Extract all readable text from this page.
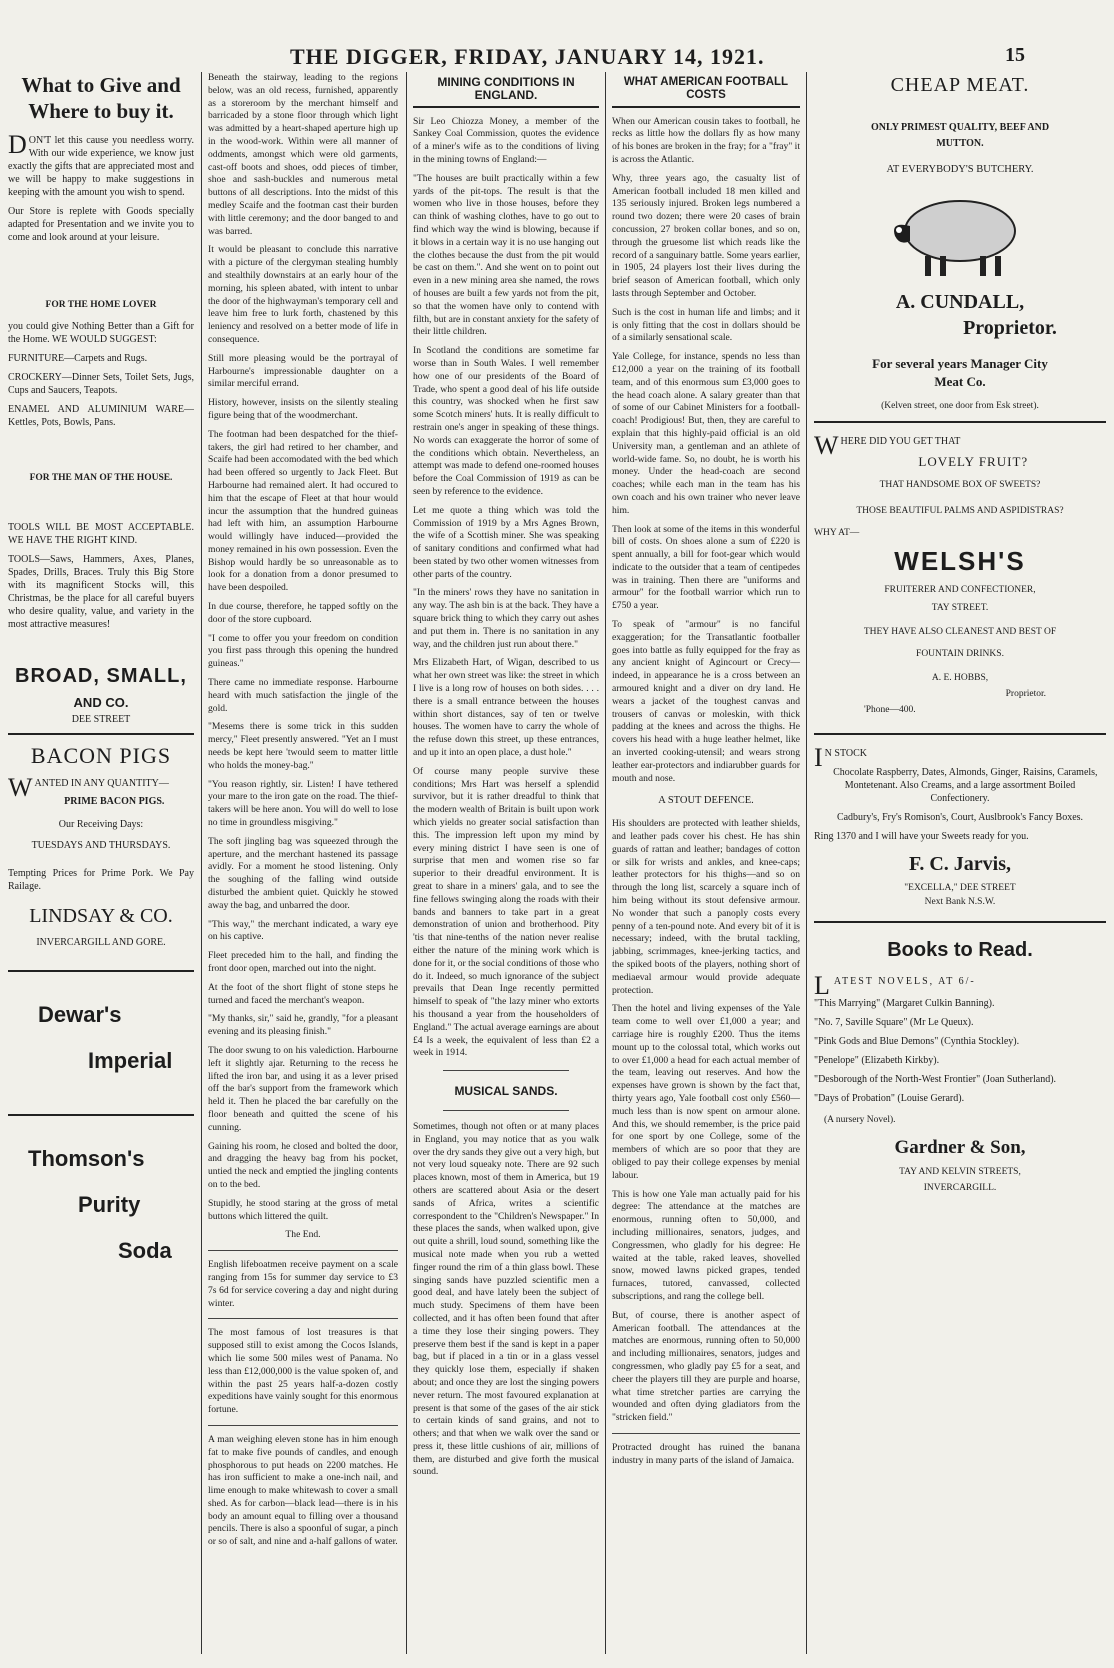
THE DIGGER, FRIDAY, JANUARY 14, 1921.	15
What to Give and
Where to buy it.

DON'T let this cause you needless worry. With our wide experience, we know just exactly the gifts that are appreciated most and we will be happy to make suggestions in keeping with the amount you wish to spend.

Our Store is replete with Goods specially adapted for Presentation and we invite you to come and look around at your leisure.

FOR THE HOME LOVER

you could give Nothing Better than a Gift for the Home. WE WOULD SUGGEST:

FURNITURE—Carpets and Rugs.

CROCKERY—Dinner Sets, Toilet Sets, Jugs, Cups and Saucers, Teapots.

ENAMEL AND ALUMINIUM WARE—Kettles, Pots, Bowls, Pans.

FOR THE MAN OF THE HOUSE.

TOOLS WILL BE MOST ACCEPTABLE. WE HAVE THE RIGHT KIND.

TOOLS—Saws, Hammers, Axes, Planes, Spades, Drills, Braces. Truly this Big Store with its magnificent Stocks will, this Christmas, be the place for all careful buyers who desire quality, value, and variety in the most attractive measures!

BROAD, SMALL,
AND CO.
DEE STREET
BACON PIGS

WANTED IN ANY QUANTITY—

PRIME BACON PIGS.
Our Receiving Days:
TUESDAYS AND THURSDAYS.

Tempting Prices for Prime Pork. We Pay Railage.

LINDSAY & CO.
INVERCARGILL AND GORE.
Dewar's
Imperial
Thomson's
Purity
Soda

Beneath the stairway, leading to the regions below, was an old recess, furnished, apparently as a storeroom by the merchant himself and barricaded by a stone floor through which light was admitted by a heart-shaped aperture high up in the wood-work. Within were all manner of oddments, amongst which were old garments, cast-off boots and shoes, odd pieces of timber, shoe and sash-buckles and numerous metal buttons of all descriptions. Into the midst of this medley Scaife and the footman cast their burden with little ceremony; and the door banged to and was barred.

It would be pleasant to conclude this narrative with a picture of the clergyman stealing humbly and stealthily downstairs at an early hour of the morning, his spleen abated, with intent to unbar the door of the highwayman's temporary cell and leave him free to lurk forth, chastened by this leniency and resolved on a better mode of life in consequence.

Still more pleasing would be the portrayal of Harbourne's impressionable daughter on a similar merciful errand.

History, however, insists on the silently stealing figure being that of the woodmerchant.

The footman had been despatched for the thief-takers, the girl had retired to her chamber, and Scaife had been accomodated with the bed which had been offered so urgently to Jack Fleet. But Harbourne had remained alert. It had occured to him that the escape of Fleet at that hour would incur the assumption that the hundred guineas had left with him, an assumption Harbourne would willingly have induced—provided the money remained in his own possession. Even the Bishop would hardly be so unreasonable as to look for a donation from a donor presumed to have been despoiled.

In due course, therefore, he tapped softly on the door of the store cupboard.

"I come to offer you your freedom on condition you first pass through this opening the hundred guineas."

There came no immediate response. Harbourne heard with much satisfaction the jingle of the gold.

"Mesems there is some trick in this sudden mercy," Fleet presently answered. "Yet an I must needs be kept here 'twould seem to matter little who holds the money-bag."

"You reason rightly, sir. Listen! I have tethered your mare to the iron gate on the road. The thief-takers will be here anon. You will do well to lose no time in groundless misgiving."

The soft jingling bag was squeezed through the aperture, and the merchant hastened its passage avidly. For a moment he stood listening. Only the soughing of the falling wind outside disturbed the ambient quiet. Quickly he stowed away the bag, and unbarred the door.

"This way," the merchant indicated, a wary eye on his captive.

Fleet preceded him to the hall, and finding the front door open, marched out into the night.

At the foot of the short flight of stone steps he turned and faced the merchant's weapon.

"My thanks, sir," said he, grandly, "for a pleasant evening and its pleasing finish."

The door swung to on his valediction. Harbourne left it slightly ajar. Returning to the recess he lifted the iron bar, and using it as a lever prised off the bar's support from the framework which held it. Then he placed the bar carefully on the floor beneath and quitted the scene of his cunning.

Gaining his room, he closed and bolted the door, and dragging the heavy bag from his pocket, untied the neck and emptied the jingling contents on to the bed.

Stupidly, he stood staring at the gross of metal buttons which littered the quilt.

The End.

English lifeboatmen receive payment on a scale ranging from 15s for summer day service to £3 7s 6d for service covering a day and night during winter.

The most famous of lost treasures is that supposed still to exist among the Cocos Islands, which lie some 500 miles west of Panama. No less than £12,000,000 is the value spoken of, and within the past 25 years half-a-dozen costly expeditions have vainly sought for this enormous fortune.

A man weighing eleven stone has in him enough fat to make five pounds of candles, and enough phosphorous to put heads on 2200 matches. He has iron sufficient to make a one-inch nail, and lime enough to make whitewash to cover a small shed. As for carbon—black lead—there is in his body an amount equal to filling over a thousand pencils. There is also a spoonful of sugar, a pinch or so of salt, and nine and a-half gallons of water.

MINING CONDITIONS IN ENGLAND.

Sir Leo Chiozza Money, a member of the Sankey Coal Commission, quotes the evidence of a miner's wife as to the conditions of living in the mining towns of England:—

"The houses are built practically within a few yards of the pit-tops. The result is that the women who live in those houses, before they can think of washing clothes, have to go out to find which way the wind is blowing, because if it blows in a certain way it is no use hanging out the clothes because the dust from the pit would be cast on them.". And she went on to point out even in a new mining area she named, the rows of houses are built a few yards not from the pit, so that the women have only to contend with filth, but are in constant anxiety for the safety of their little children.

In Scotland the conditions are sometime far worse than in South Wales. I well remember how one of our presidents of the Board of Trade, who spent a good deal of his life outside this country, was shocked when he first saw some Scotch miners' huts. It is really difficult to restrain one's anger in speaking of these things. No words can exaggerate the horror of some of the conditions which obtain. Nevertheless, an attempt was made to defend one-roomed houses before the Coal Commission of 1919 as can be seen by reference to the evidence.

Let me quote a thing which was told the Commission of 1919 by a Mrs Agnes Brown, the wife of a Scottish miner. She was speaking of sanitary conditions and confirmed what had been stated by two other women witnesses from other parts of the country.

"In the miners' rows they have no sanitation in any way. The ash bin is at the back. They have a square brick thing to which they carry out ashes and put them in. There is no sanitation in any way, and the children just run about there."

Mrs Elizabeth Hart, of Wigan, described to us what her own street was like: the street in which I live is a long row of houses on both sides. . . . there is a small entrance between the houses within short distances, say of ten or twelve houses. The women have to carry the whole of the refuse down this street, up these entrances, and up it into an open place, a dust hole."

Of course many people survive these conditions; Mrs Hart was herself a splendid survivor, but it is rather dreadful to think that the modern wealth of Britain is built upon work which yields no greater social satisfaction than this. The impression left upon my mind by every mining district I have seen is one of surprise that men and women rise so far superior to their dreadful environment. It is great to share in a miners' gala, and to see the fine fellows swinging along the roads with their bands and banners to take part in a great demonstration of union and brotherhood. Pity 'tis that nine-tenths of the nation never realise either the nature of the mining work which is done for it, or the social conditions of those who do it. Indeed, so much ignorance of the subject prevails that Dean Inge recently permitted himself to speak of "the lazy miner who extorts his thousand a year from the householders of England." The actual average earnings are about £4 Is a week, the equivalent of less than £2 a week in 1914.

MUSICAL SANDS.

Sometimes, though not often or at many places in England, you may notice that as you walk over the dry sands they give out a very high, but not very loud squeaky note. There are 92 such places known, most of them in America, but 19 others are scattered about Asia or the desert sands of Africa, writes a scientific correspondent to the "Children's Newspaper." In these places the sands, when walked upon, give out quite a shrill, loud sound, something like the musical note made when you rub a wetted finger round the rim of a thin glass bowl. These singing sands have puzzled scientific men a good deal, and have lately been the subject of much study. Specimens of them have been collected, and it has often been found that after a time they lose their singing powers. They preserve them best if the sand is kept in a paper bag, but if placed in a tin or in a glass vessel they quickly lose them, especially if shaken about; and once they are lost the singing powers never return. The most favoured explanation at present is that some of the gases of the air stick to certain kinds of sand grains, and not to others; and that when we walk over the sand or press it, these little cushions of air, millions of them, are disturbed and give forth the musical sound.

WHAT AMERICAN FOOTBALL COSTS

When our American cousin takes to football, he recks as little how the dollars fly as how many of his bones are broken in the fray; for a "fray" it is across the Atlantic.

Why, three years ago, the casualty list of American football included 18 men killed and 135 seriously injured. Broken legs numbered a round two dozen; there were 20 cases of brain concussion, 27 broken collar bones, and so on, through the gruesome list which reads like the record of a sanguinary battle. Some years earlier, in 1905, 24 players lost their lives during the brief season of American football, which only lasts through September and October.

Such is the cost in human life and limbs; and it is only fitting that the cost in dollars should be of a similarly sensational scale.

Yale College, for instance, spends no less than £12,000 a year on the training of its football team, and of this enormous sum £3,000 goes to the head coach alone. A salary greater than that of some of our Cabinet Ministers for a football-coach! Prodigious! But, then, they are careful to explain that this highly-paid official is an old University man, a gentleman and an athlete of world-wide fame. So, no doubt, he is worth his money. Under the head-coach are second coaches; while each man in the team has his own coach and his own trainer who never leave him.

Then look at some of the items in this wonderful bill of costs. On shoes alone a sum of £220 is spent annually, a bill for foot-gear which would indicate to the outsider that a team of centipedes was in training. Then there are "uniforms and armour" for the football warrior which run to £750 a year.

To speak of "armour" is no fanciful exaggeration; for the Transatlantic footballer goes into battle as fully equipped for the fray as any ancient knight of Agincourt or Crecy—indeed, in appearance he is a cross between an armoured knight and a diver on dry land. He wears a jacket of the toughest canvas and trousers of canvas or moleskin, with thick padding at the knees and across the thighs. He covers his head with a huge leather helmet, like an inverted cooking-utensil; and wears strong leather ear-protectors and indiarubber guards for mouth and nose.

A STOUT DEFENCE.

His shoulders are protected with leather shields, and leather pads cover his chest. He has shin guards of rattan and leather; bandages of cotton or silk for wrists and ankles, and knee-caps; leather protectors for his thighs—and so on through the long list, scarcely a square inch of him being without its stout defensive armour. No wonder that such a panoply costs every penny of a ten-pound note. And every bit of it is necessary; indeed, with the brutal tackling, jabbing, scrimmages, knee-jerking tactics, and the spiked boots of the players, nothing short of mediaeval armour would provide adequate protection.

Then the hotel and living expenses of the Yale team come to well over £1,000 a year; and carriage hire is roughly £200. Thus the items mount up to the colossal total, which works out to over £1,000 a head for each actual member of the team, leaving out reserves. And how the expenses have grown is shown by the fact that, thirty years ago, Yale football cost only £560—much less than is now spent on armour alone. And this, we should remember, is the price paid for one sport by one College, some of the members of which are so poor that they are obliged to pay their college expenses by menial labour.

This is how one Yale man actually paid for his degree: The attendance at the matches are enormous, running often to 50,000, and including millionaires, senators, judges, and Congressmen, who gladly for his degree: He waited at the table, raked leaves, shovelled snow, mowed lawns picked grapes, tended furnaces, tutored, canvassed, collected subscriptions, and rang the college bell.

But, of course, there is another aspect of American football. The attendances at the matches are enormous, running often to 50,000 and including millionaires, senators, judges and congressmen, who gladly pay £5 for a seat, and cheer the players till they are purple and hoarse, what time stretcher parties are carrying the wounded and often dying gladiators from the "stricken field."

Protracted drought has ruined the banana industry in many parts of the island of Jamaica.

CHEAP MEAT.
ONLY PRIMEST QUALITY, BEEF AND MUTTON.
AT EVERYBODY'S BUTCHERY.
A. CUNDALL,
Proprietor.
For several years Manager City Meat Co.
(Kelven street, one door from Esk street).

WHERE DID YOU GET THAT

LOVELY FRUIT?
THAT HANDSOME BOX OF SWEETS?
THOSE BEAUTIFUL PALMS AND ASPIDISTRAS?
WHY AT—
WELSH'S
FRUITERER AND CONFECTIONER,
TAY STREET.
THEY HAVE ALSO CLEANEST AND BEST OF FOUNTAIN DRINKS.
A. E. HOBBS,
Proprietor.
'Phone—400.

I N STOCK

Chocolate Raspberry, Dates, Almonds, Ginger, Raisins, Caramels, Montetenant. Also Creams, and a large assortment Boiled Confectionery.

Cadbury's, Fry's Romison's, Court, Auslbrook's Fancy Boxes.

Ring 1370 and I will have your Sweets ready for you.

F. C. Jarvis,
"EXCELLA," DEE STREET
Next Bank N.S.W.
Books to Read.

LATEST NOVELS, AT 6/-

"This Marrying" (Margaret Culkin Banning).

"No. 7, Saville Square" (Mr Le Queux).

"Pink Gods and Blue Demons" (Cynthia Stockley).

"Penelope" (Elizabeth Kirkby).

"Desborough of the North-West Frontier" (Joan Sutherland).

"Days of Probation" (Louise Gerard).

(A nursery Novel).
Gardner & Son,
TAY AND KELVIN STREETS,
INVERCARGILL.
